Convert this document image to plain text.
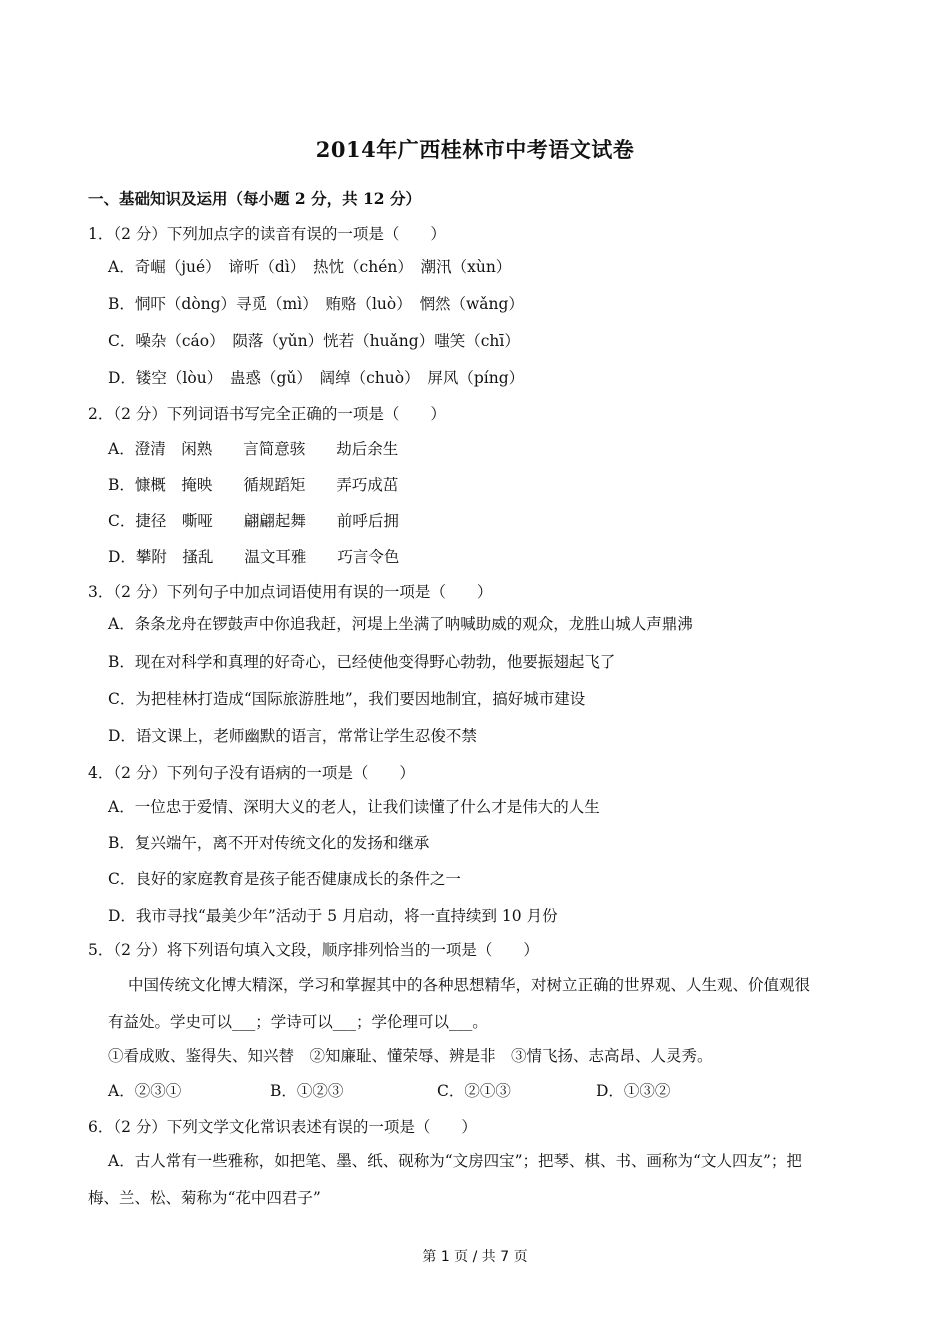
2014年广西桂林市中考语文试卷
一、基础知识及运用（每小题 2 分，共 12 分）
1．（2 分）下列加点字的读音有误的一项是（　　）
A．奇崛（jué）　谛听（dì）　热忱（chén）　潮汛（xùn）
B．恫吓（dòng）寻觅（mì）　贿赂（luò）　惘然（wǎng）
C．噪杂（cáo）　陨落（yǔn）恍若（huǎng）嗤笑（chī）
D．镂空（lòu）　蛊惑（gǔ）　阔绰（chuò）　屏风（píng）
2．（2 分）下列词语书写完全正确的一项是（　　）
A．澄清　闲熟　　言简意骇　　劫后余生
B．慷概　掩映　　循规蹈矩　　弄巧成茁
C．捷径　嘶哑　　翩翩起舞　　前呼后拥
D．攀附　搔乱　　温文耳雅　　巧言令色
3．（2 分）下列句子中加点词语使用有误的一项是（　　）
A．条条龙舟在锣鼓声中你追我赶，河堤上坐满了呐喊助威的观众，龙胜山城人声鼎沸
B．现在对科学和真理的好奇心，已经使他变得野心勃勃，他要振翅起飞了
C．为把桂林打造成“国际旅游胜地”，我们要因地制宜，搞好城市建设
D．语文课上，老师幽默的语言，常常让学生忍俊不禁
4．（2 分）下列句子没有语病的一项是（　　）
A．一位忠于爱情、深明大义的老人，让我们读懂了什么才是伟大的人生
B．复兴端午，离不开对传统文化的发扬和继承
C．良好的家庭教育是孩子能否健康成长的条件之一
D．我市寻找“最美少年”活动于 5 月启动，将一直持续到 10 月份
5．（2 分）将下列语句填入文段，顺序排列恰当的一项是（　　）
中国传统文化博大精深，学习和掌握其中的各种思想精华，对树立正确的世界观、人生观、价值观很
有益处。学史可以___；学诗可以___；学伦理可以___。
①看成败、鉴得失、知兴替　②知廉耻、懂荣辱、辨是非　③情飞扬、志高昂、人灵秀。
A．②③①	B．①②③	C．②①③	D．①③②
6．（2 分）下列文学文化常识表述有误的一项是（　　）
A．古人常有一些雅称，如把笔、墨、纸、砚称为“文房四宝”；把琴、棋、书、画称为“文人四友”；把
梅、兰、松、菊称为“花中四君子”
第 1 页 / 共 7 页
